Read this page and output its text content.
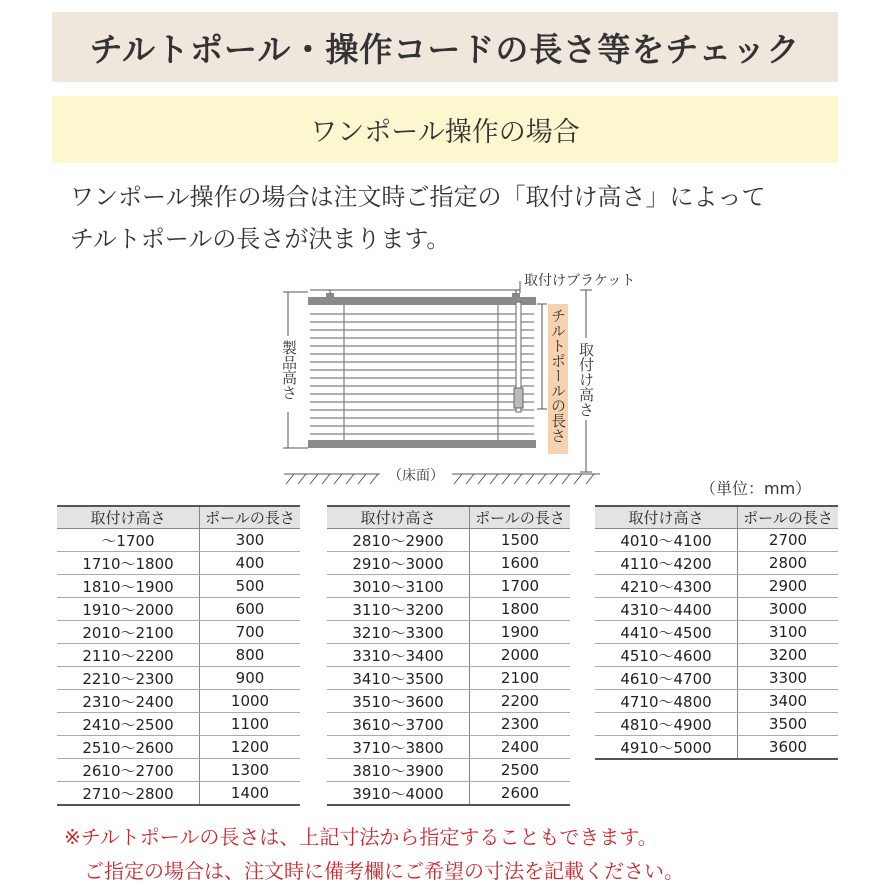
チルトポール・操作コードの長さ等をチェック
ワンポール操作の場合
ワンポール操作の場合は注文時ご指定の「取付け高さ」によって
チルトポールの長さが決まります。
（床面）
取付けブラケット
製品高さ	チルトポールの長さ 取付け高さ
（単位：mm）
取付け高さ	ポールの長さ
～1700	300
1710～1800	400
1810～1900	500
1910～2000	600
2010～2100	700
2110～2200	800
2210～2300	900
2310～2400	1000
2410～2500	1100
2510～2600	1200
2610～2700	1300
2710～2800	1400
取付け高さ	ポールの長さ
2810～2900	1500
2910～3000	1600
3010～3100	1700
3110～3200	1800
3210～3300	1900
3310～3400	2000
3410～3500	2100
3510～3600	2200
3610～3700	2300
3710～3800	2400
3810～3900	2500
3910～4000	2600
取付け高さ	ポールの長さ
4010～4100	2700
4110～4200	2800
4210～4300	2900
4310～4400	3000
4410～4500	3100
4510～4600	3200
4610～4700	3300
4710～4800	3400
4810～4900	3500
4910～5000	3600
※チルトポールの長さは、上記寸法から指定することもできます。
ご指定の場合は、注文時に備考欄にご希望の寸法を記載ください。
